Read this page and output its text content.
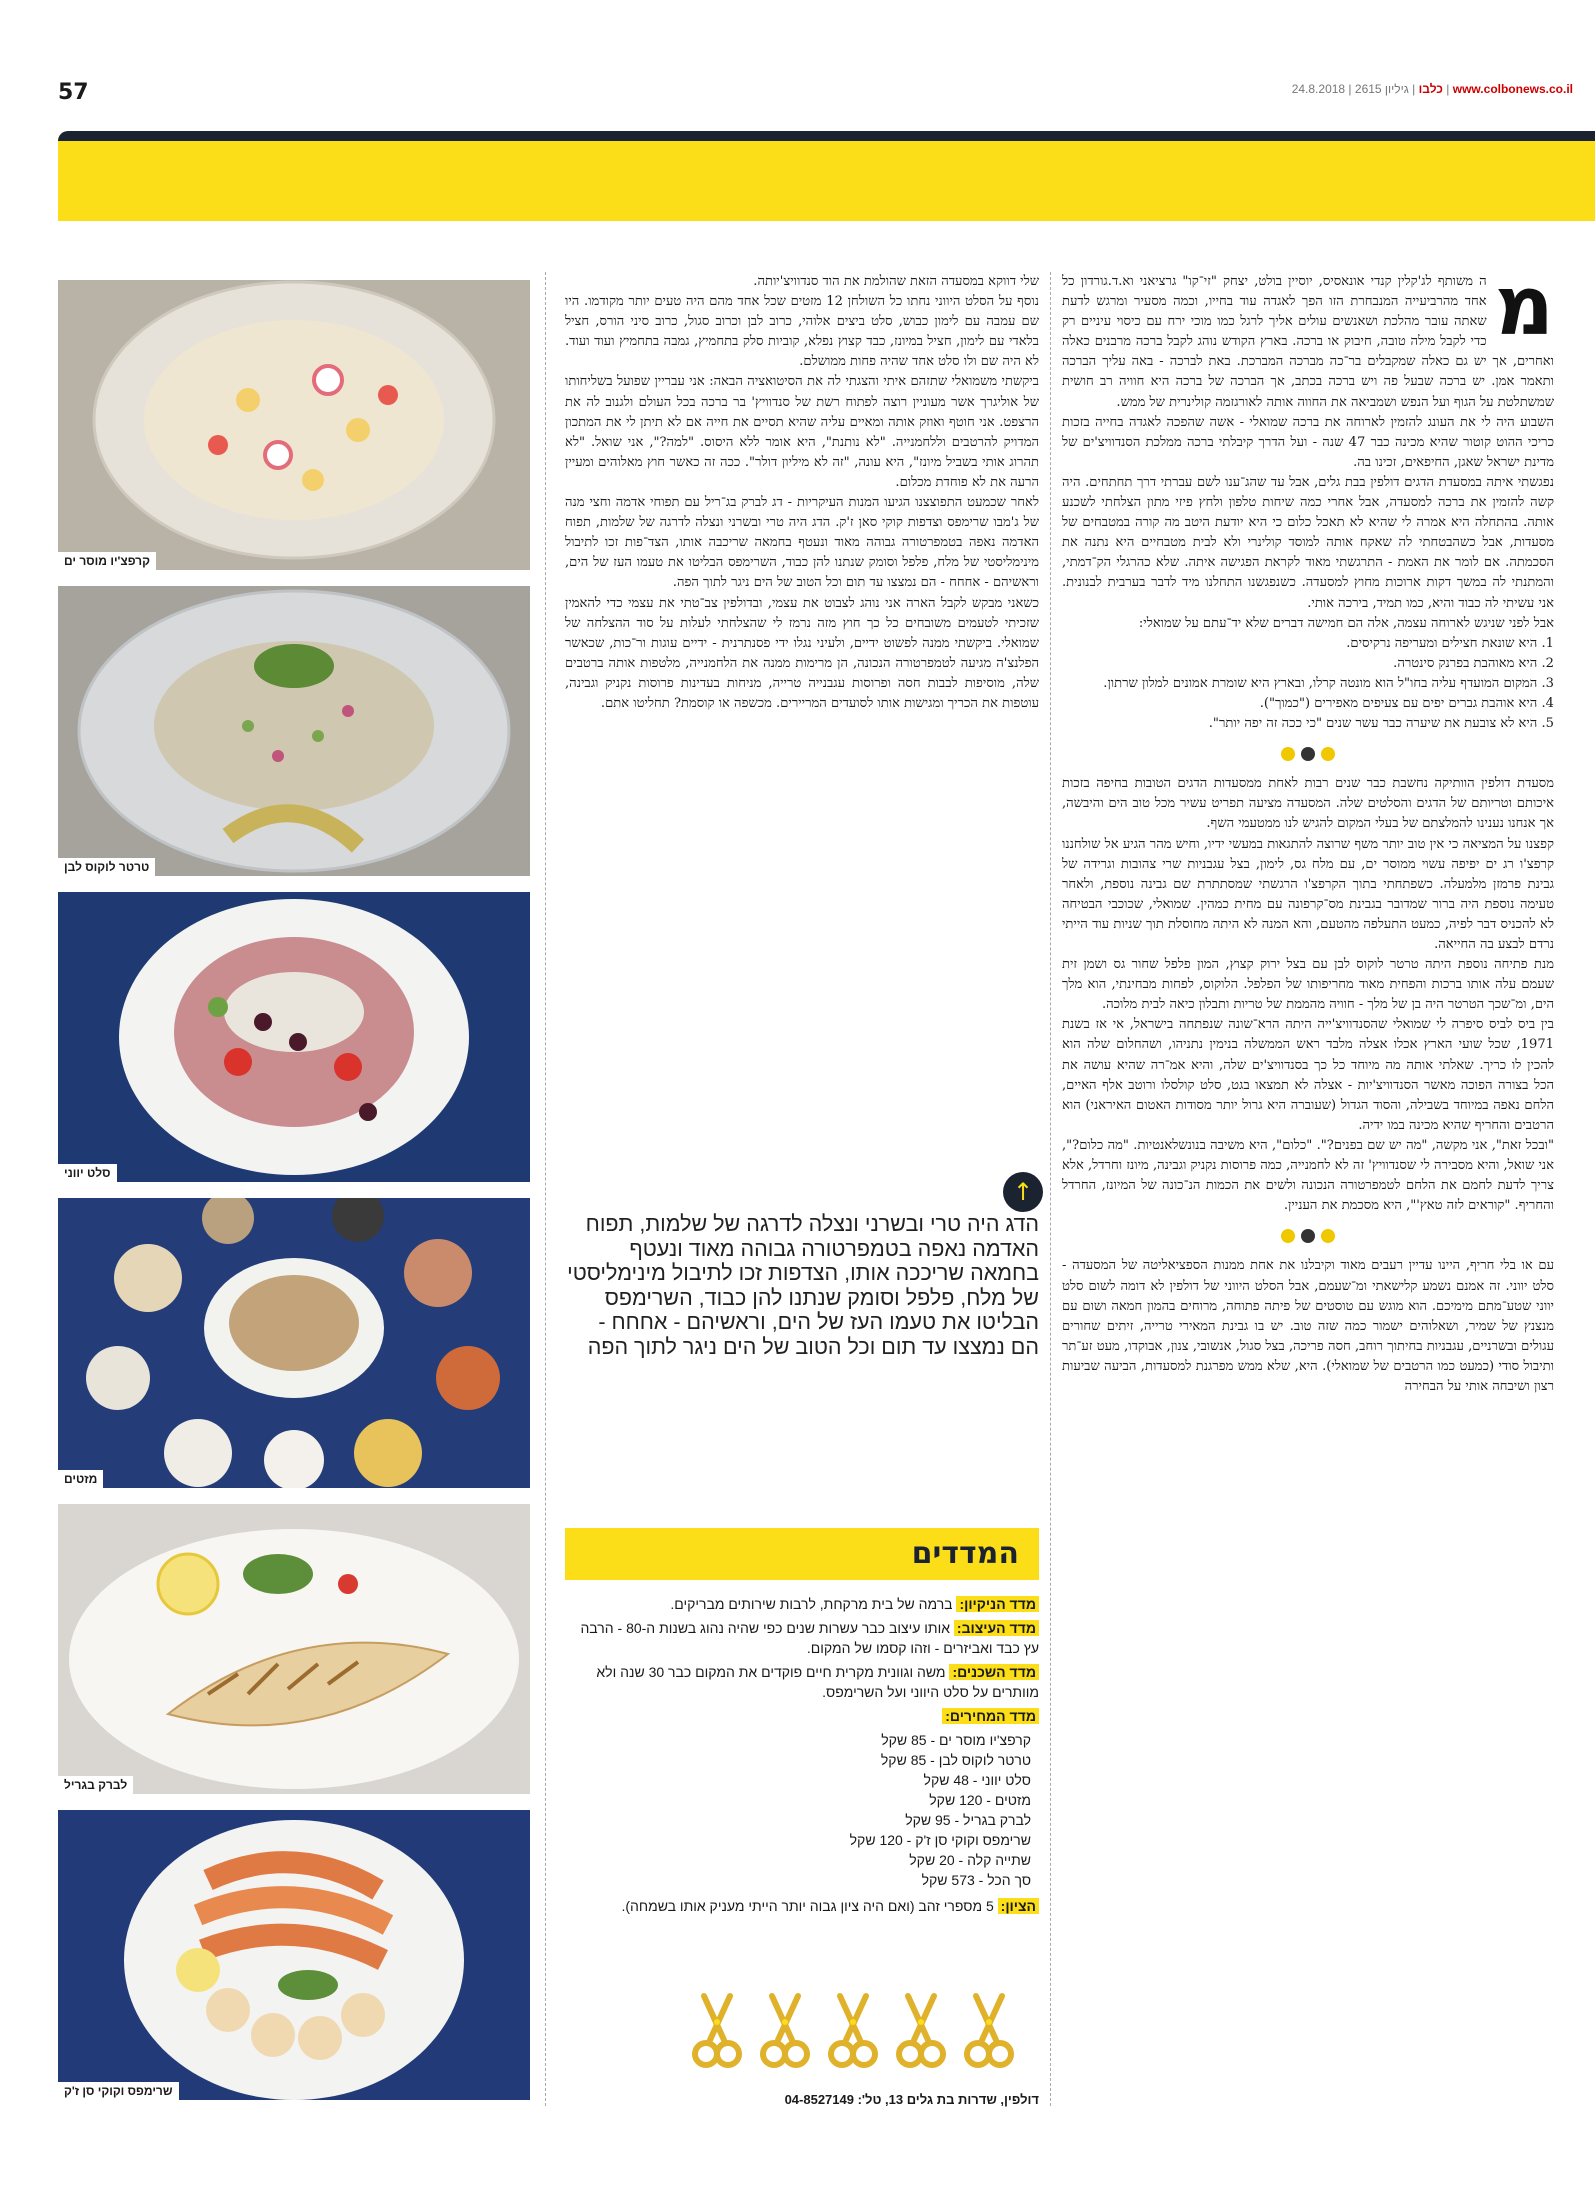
57	www.colbonews.co.il | כלבו | גיליון 2615 | 24.8.2018
קרפצ'יו מוסר ים
טרטר לוקוס לבן
סלט יווני
מזטים
לברק בגריל
שרימפס וקוקי סן ז'ק

מ
ה משותף לג'קלין קנדי אונאסיס, יוסיין בולט, יצחק "זי־קו" גרציאני וא.ד.גורדון כל אחד מהרביעייה המנבחרת הזו הפך לאגדה עוד בחייו, וכמה מסעיר ומרגש לדעת שאתה עובר מהלכת ושאנשים עולים אליך לרגל כמו מוכי ירח עם כיסוי עיניים רק כדי לקבל מילה טובה, חיבוק או ברכה. בארץ הקודש נוהג לקבל ברכה מרבנים כאלה ואחרים, אך יש גם כאלה שמקבלים בר־כה מברכה המברכת. באת לברכה - באה עליך הברכה ותאמר אמן. יש ברכה שבעל פה ויש ברכה בכתב, אך הברכה של ברכה היא חוויה רב חושית שמשתלטת על הגוף ועל הנפש ושמביאה את החווה אותה לאורגזמה קולינרית של ממש.

השבוע היה לי את העונג להזמין לארוחה את ברכה שמואלי - אשה שהפכה לאגדה בחייה בזכות כריכי ההוט קוטור שהיא מכינה כבר 47 שנה - ועל הדרך קיבלתי ברכה ממלכת הסנדוויצ'ים של מדינת ישראל שאגן, החיפאים, זכינו בה.

נפגשתי איתה במסעדת הדגים דולפין בבת גלים, אבל עד שהג־ענו לשם עברתי דרך תחתחים. היה קשה להזמין את ברכה למסעדה, אבל אחרי כמה שיחות טלפון ולחץ פיזי מתון הצלחתי לשכנע אותה. בהתחלה היא אמרה לי שהיא לא תאכל כלום כי היא יודעת היטב מה קורה במטבחים של מסעדות, אבל כשהבטחתי לה שאקח אותה למוסד קולינרי ולא לבית מטבחיים היא נתנה את הסכמתה. אם לומר את האמת - התרגשתי מאוד לקראת הפגישה איתה. שלא כהרגלי הק־דמתי, והמתנתי לה במשך דקות ארוכות מחוץ למסעדה. כשנפגשנו התחלנו מיד לדבר בערבית לבנונית. אני עשיתי לה כבוד והיא, כמו תמיד, בירכה אותי.

אבל לפני שניגש לארוחה עצמה, אלה הם חמישה דברים שלא יד־עתם על שמואלי:

1. היא שונאת חצילים ומעריפה נרקיסים.
2. היא מאוהבת בפרנק סינטרה.
3. המקום המועדף עליה בחו"ל הוא מונטה קרלו, ובארץ היא שומרת אמונים למלון שרתון.
4. היא אוהבת גברים יפים עם צעיפים מאפירים ("כמוך").
5. היא לא צובעת את שיערה כבר עשר שנים "כי ככה זה יפה יותר".

מסעדת דולפין הוותיקה נחשבת כבר שנים רבות לאחת ממסעדות הדגים הטובות בחיפה בזכות איכותם וטריותם של הדגים והסלטים שלה. המסעדה מציעה תפריט עשיר מכל טוב הים והיבשה, אך אנחנו נענינו להמלצתם של בעלי המקום להגיש לנו ממטעמי השף.

קפצנו על המציאה כי אין טוב יותר משף שרוצה להתגאות במעשי ידיו, וחיש מהר הגיע אל שולחננו קרפצ'ו רג ים יפיפה עשוי ממוסר ים, עם מלח גס, לימון, בצל עגבניות שרי צהובות וגרידה של גבינת פרמזן מלמעלה. כשפתחתי בתוך הקרפצ'ו הרגשתי שמסתתרת שם גבינה נוספת, ולאחר טעימה נוספת היה ברור שמדובר בגבינת מס־קרפונה עם מחית כמהין. שמואלי, שכוכבי הבטיחה לא להכניס דבר לפיה, כמעט התעלפה מהטעם, והא המנה לא היתה מחוסלת תוך שניות עוד הייתי נרדם לבצע בה החייאה.

מנת פתיחה נוספת היתה טרטר לוקוס לבן עם בצל ירוק קצוץ, המון פלפל שחור גס ושמן זית שעמם עלה אותו ברכות והפחית מאוד מחריפותו של הפלפל. הלוקוס, לפחות מבחינתי, הוא מלך הים, ומ־שכך הטרטר היה בן של מלך - חוויה מהממת של טריות ותבלון כיאה לבית מלוכה.

בין ביס לביס סיפרה לי שמואלי שהסנדוויצ'ייה היתה הרא־שונה שנפתחה בישראל, אי אז בשנת 1971, שכל שועי הארץ אכלו אצלה מלבד ראש הממשלה בנימין נתניהו, ושהחלום שלה הוא להכין לו כריך. שאלתי אותה מה מיוחד כל כך בסנדוויצ'ים שלה, והיא אמ־רה שהיא עושה את הכל בצורה הפוכה מאשר הסנדוויצ'יות - אצלה לא תמצאו בגט, סלט קולסלו ורוטב אלף האיים, הלחם נאפה במיוחד בשבילה, והסוד הגדול (שעוברה היא גרול יותר מסודות האטום האיראני) הוא הרטבים והחריף שהיא מכינה במו ידיה.

"ובכל זאת", אני מקשה, "מה יש שם בפנים?". "כלום", היא משיבה בנונשלאנטיות. "מה כלום?", אני שואל, והיא מסבירה לי שסנדוויץ' זה לא לחמנייה, כמה פרוסות נקניק וגבינה, מיונז וחרדל, אלא צריך לדעת לחמם את הלחם לטמפרטורה הנכונה ולשים את הכמות הנ־כונה של המיונז, החרדל והחריף. "קוראים לזה טאץ'", היא מסכמת את העניין.

עם או בלי חריף, היינו עדיין רעבים מאוד וקיבלנו את אחת ממנות הספציאליטה של המסעדה - סלט יווני. זה אמנם נשמע קלישאתי ומ־שעמם, אבל הסלט היווני של דולפין לא דומה לשום סלט יווני שטע־מתם מימיכם. הוא מוגש עם טוסטים של פיתה פתוחה, מרוחים בהמון חמאה ושום עם מנצנץ של שמיר, ושאלוהים ישמור כמה שזה טוב. יש בו גבינת המאירי טרייה, זיתים שחורים עגולים ובשרניים, עגבניות בחיתוך רוחב, חסה פריכה, בצל סגול, אנשובי, צנון, אבוקדו, מעט זע־תר ותיבול סודי (כמעט כמו הרטבים של שמואלי). היא, שלא ממש מפרגנת למסעדות, הביעה שביעות רצון ושיבחה אותי על הבחירה

שלי דווקא במסעדה הזאת שהולמת את הוד סנדוויצ'יותה.

נוסף על הסלט היווני נחתו כל השולחן 12 מזטים שכל אחד מהם היה טעים יותר מקודמו. היו שם עמבה עם לימון כבוש, סלט ביצים אלוהי, כרוב לבן וכרוב סגול, כרוב סיני הורס, חציל בלאדי עם לימון, חציל במיונז, כבד קצוץ נפלא, קוביות סלק בתחמיץ, גמבה בתחמיץ ועוד ועוד. לא היה שם ולו סלט אחד שהיה פחות ממושלם.

ביקשתי משמואלי שתזהם איתי והצגתי לה את הסיטואציה הבאה: אני עבריין שפועל בשליחותו של אוליגרך אשר מעוניין רוצה לפתוח רשת של סנדוויץ' בר ברכה בכל העולם ולגנוב לה את הרצפט. אני חוטף ואוזק אותה ומאיים עליה שהיא תסיים את חייה אם לא תיתן לי את המתכון המדויק להרטבים וללחמנייה. "לא נותנת", היא אומר ללא היסוס. "למה?", אני שואל. "לא תהרוג אותי בשביל מיונז", היא עונה, "זה לא מיליון דולר". ככה זה כאשר חוץ מאלוהים ומעיין הרעה את לא פוחדת מכלום.

לאחר שכמעט התפוצצנו הגיעו המנות העיקריות - דג לברק בג־ריל עם תפוחי אדמה וחצי מנה של ג'מבו שרימפס וצדפות קוקי סאן ז'ק. הדג היה טרי ובשרני ונצלה לדרגה של שלמות, תפוח האדמה נאפה בטמפרטורה גבוהה מאוד ונעטף בחמאה שריכבה אותו, הצד־פות זכו לתיבול מינימליסטי של מלח, פלפל וסומק שנתנו להן כבוד, השרימפס הבליטו את טעמו העז של הים, וראשיהם - אחחח - הם נמצצו עד תום וכל הטוב של הים ניגר לתוך הפה.

כשאני מבקש לקבל הארה אני נוהג לצבוט את עצמי, ובדולפין צב־טתי את עצמי כדי להאמין שזכיתי לטעמים משובחים כל כך חוץ מזה נרמז לי שהצלחתי לעלות על סוד ההצלחה של שמואלי. ביקשתי ממנה לפשוט ידיים, ולעיני נגלו ידי פסנתרנית - ידיים עוגות ור־כות, שכאשר הפלנצ'ה מגיעה לטמפרטורה הנכונה, הן מרימות ממנה את הלחמנייה, מלטפות אותה ברטבים שלה, מוסיפות לבבות חסה ופרוסות עגבנייה טרייה, מניחות בעדינות פרוסות נקניק וגבינה, עוטפות את הכריך ומגישות אותו לסועדים המריירים. מכשפה או קוסמת? תחליטו אתם.

↑
הדג היה טרי ובשרני ונצלה לדרגה של שלמות, תפוח האדמה נאפה בטמפרטורה גבוהה מאוד ונעטף בחמאה שריככה אותו, הצדפות זכו לתיבול מינימליסטי של מלח, פלפל וסומק שנתנו להן כבוד, השרימפס הבליטו את טעמו העז של הים, וראשיהם - אחחח - הם נמצצו עד תום וכל הטוב של הים ניגר לתוך הפה
המדדים
מדד הניקיון: ברמה של בית מרקחת, לרבות שירותים מבריקים.
מדד העיצוב: אותו עיצוב כבר עשרות שנים כפי שהיה נהוג בשנות ה-80 - הרבה עץ כבד ואביזרים - וזהו קסמו של המקום.
מדד השכנים: משה וגוונית מקרית חיים פוקדים את המקום כבר 30 שנה ולא מוותרים על סלט היווני ועל השרימפס.
מדד המחירים:
קרפצ'יו מוסר ים - 85 שקל
טרטר לוקוס לבן - 85 שקל
סלט יווני - 48 שקל
מזטים - 120 שקל
לברק בגריל - 95 שקל
שרימפס וקוקי סן ז'ק - 120 שקל
שתייה קלה - 20 שקל
סך הכל - 573 שקל
הציון: 5 מספרי זהב (ואם היה ציון גבוה יותר הייתי מעניק אותו בשמחה).
דולפין, שדרות בת גלים 13, טל': 04-8527149
